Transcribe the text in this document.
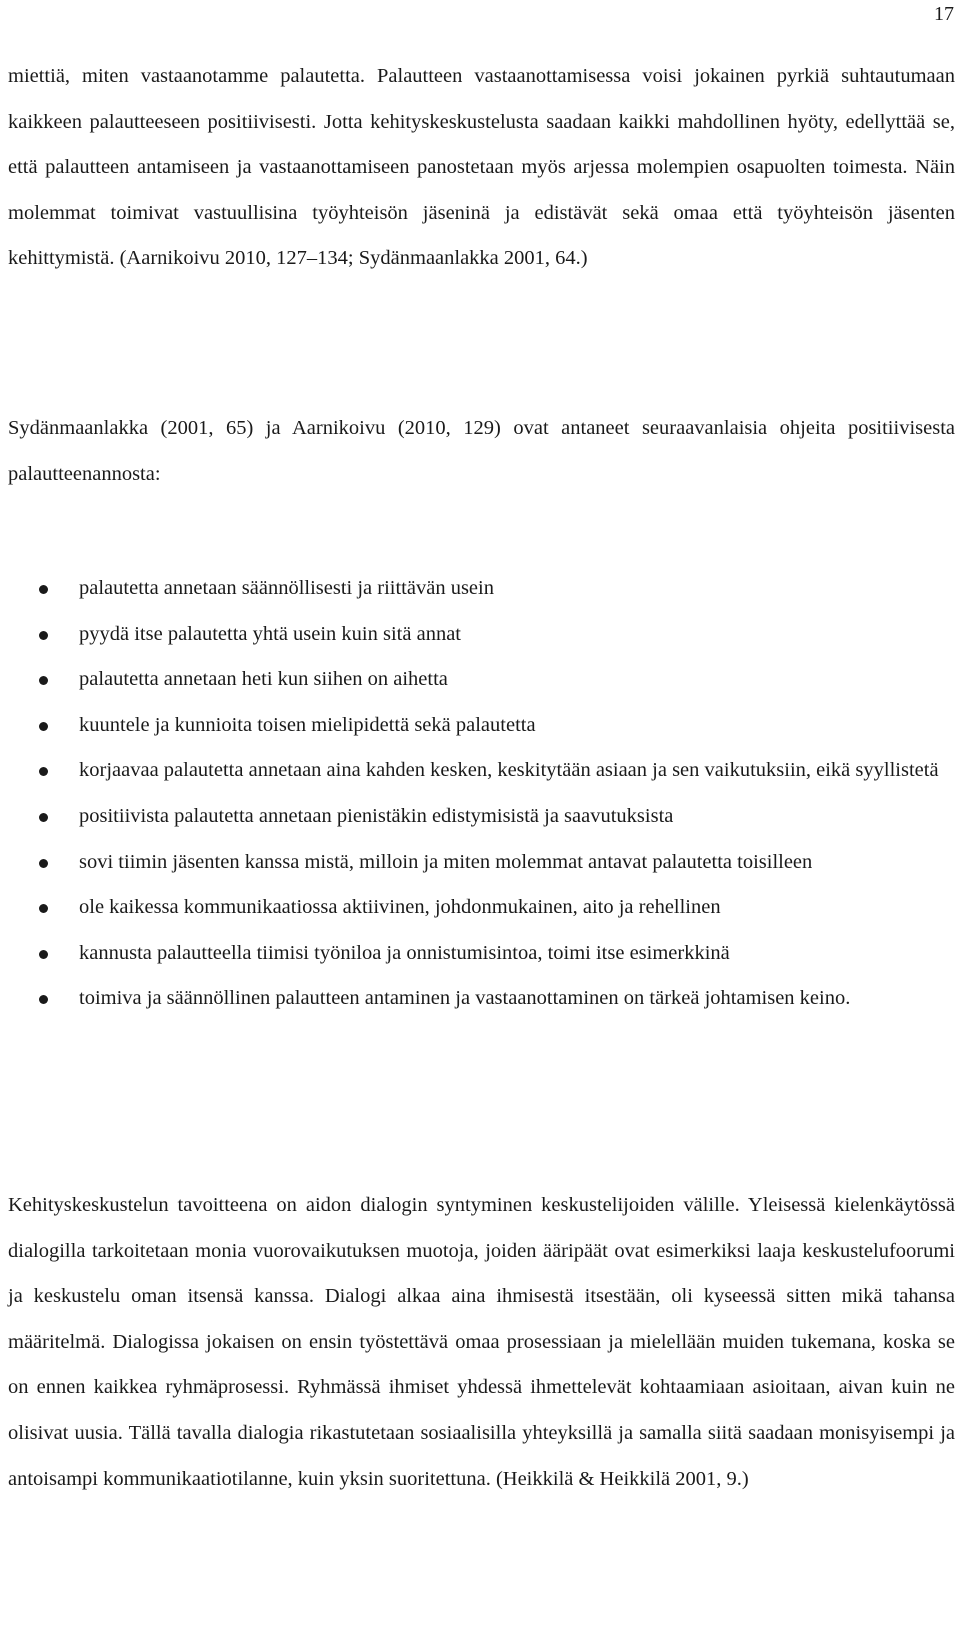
17

miettiä, miten vastaanotamme palautetta. Palautteen vastaanottamisessa voisi jokainen pyrkiä suhtautumaan kaikkeen palautteeseen positiivisesti. Jotta kehityskeskustelusta saadaan kaikki mahdollinen hyöty, edellyttää se, että palautteen antamiseen ja vastaanottamiseen panostetaan myös arjessa molempien osapuolten toimesta. Näin molemmat toimivat vastuullisina työyhteisön jäseninä ja edistävät sekä omaa että työyhteisön jäsenten kehittymistä. (Aarnikoivu 2010, 127–134; Sydänmaanlakka 2001, 64.)

Sydänmaanlakka (2001, 65) ja Aarnikoivu (2010, 129) ovat antaneet seuraavanlaisia ohjeita positiivisesta palautteenannosta:

palautetta annetaan säännöllisesti ja riittävän usein
pyydä itse palautetta yhtä usein kuin sitä annat
palautetta annetaan heti kun siihen on aihetta
kuuntele ja kunnioita toisen mielipidettä sekä palautetta
korjaavaa palautetta annetaan aina kahden kesken, keskitytään asiaan ja sen vaikutuksiin, eikä syyllistetä
positiivista palautetta annetaan pienistäkin edistymisistä ja saavutuksista
sovi tiimin jäsenten kanssa mistä, milloin ja miten molemmat antavat palautetta toisilleen
ole kaikessa kommunikaatiossa aktiivinen, johdonmukainen, aito ja rehellinen
kannusta palautteella tiimisi työniloa ja onnistumisintoa, toimi itse esimerkkinä
toimiva ja säännöllinen palautteen antaminen ja vastaanottaminen on tärkeä johtamisen keino.

Kehityskeskustelun tavoitteena on aidon dialogin syntyminen keskustelijoiden välille. Yleisessä kielenkäytössä dialogilla tarkoitetaan monia vuorovaikutuksen muotoja, joiden ääripäät ovat esimerkiksi laaja keskustelufoorumi ja keskustelu oman itsensä kanssa. Dialogi alkaa aina ihmisestä itsestään, oli kyseessä sitten mikä tahansa määritelmä. Dialogissa jokaisen on ensin työstettävä omaa prosessiaan ja mielellään muiden tukemana, koska se on ennen kaikkea ryhmäprosessi. Ryhmässä ihmiset yhdessä ihmettelevät kohtaamiaan asioitaan, aivan kuin ne olisivat uusia. Tällä tavalla dialogia rikastutetaan sosiaalisilla yhteyksillä ja samalla siitä saadaan monisyisempi ja antoisampi kommunikaatiotilanne, kuin yksin suoritettuna. (Heikkilä & Heikkilä 2001, 9.)
